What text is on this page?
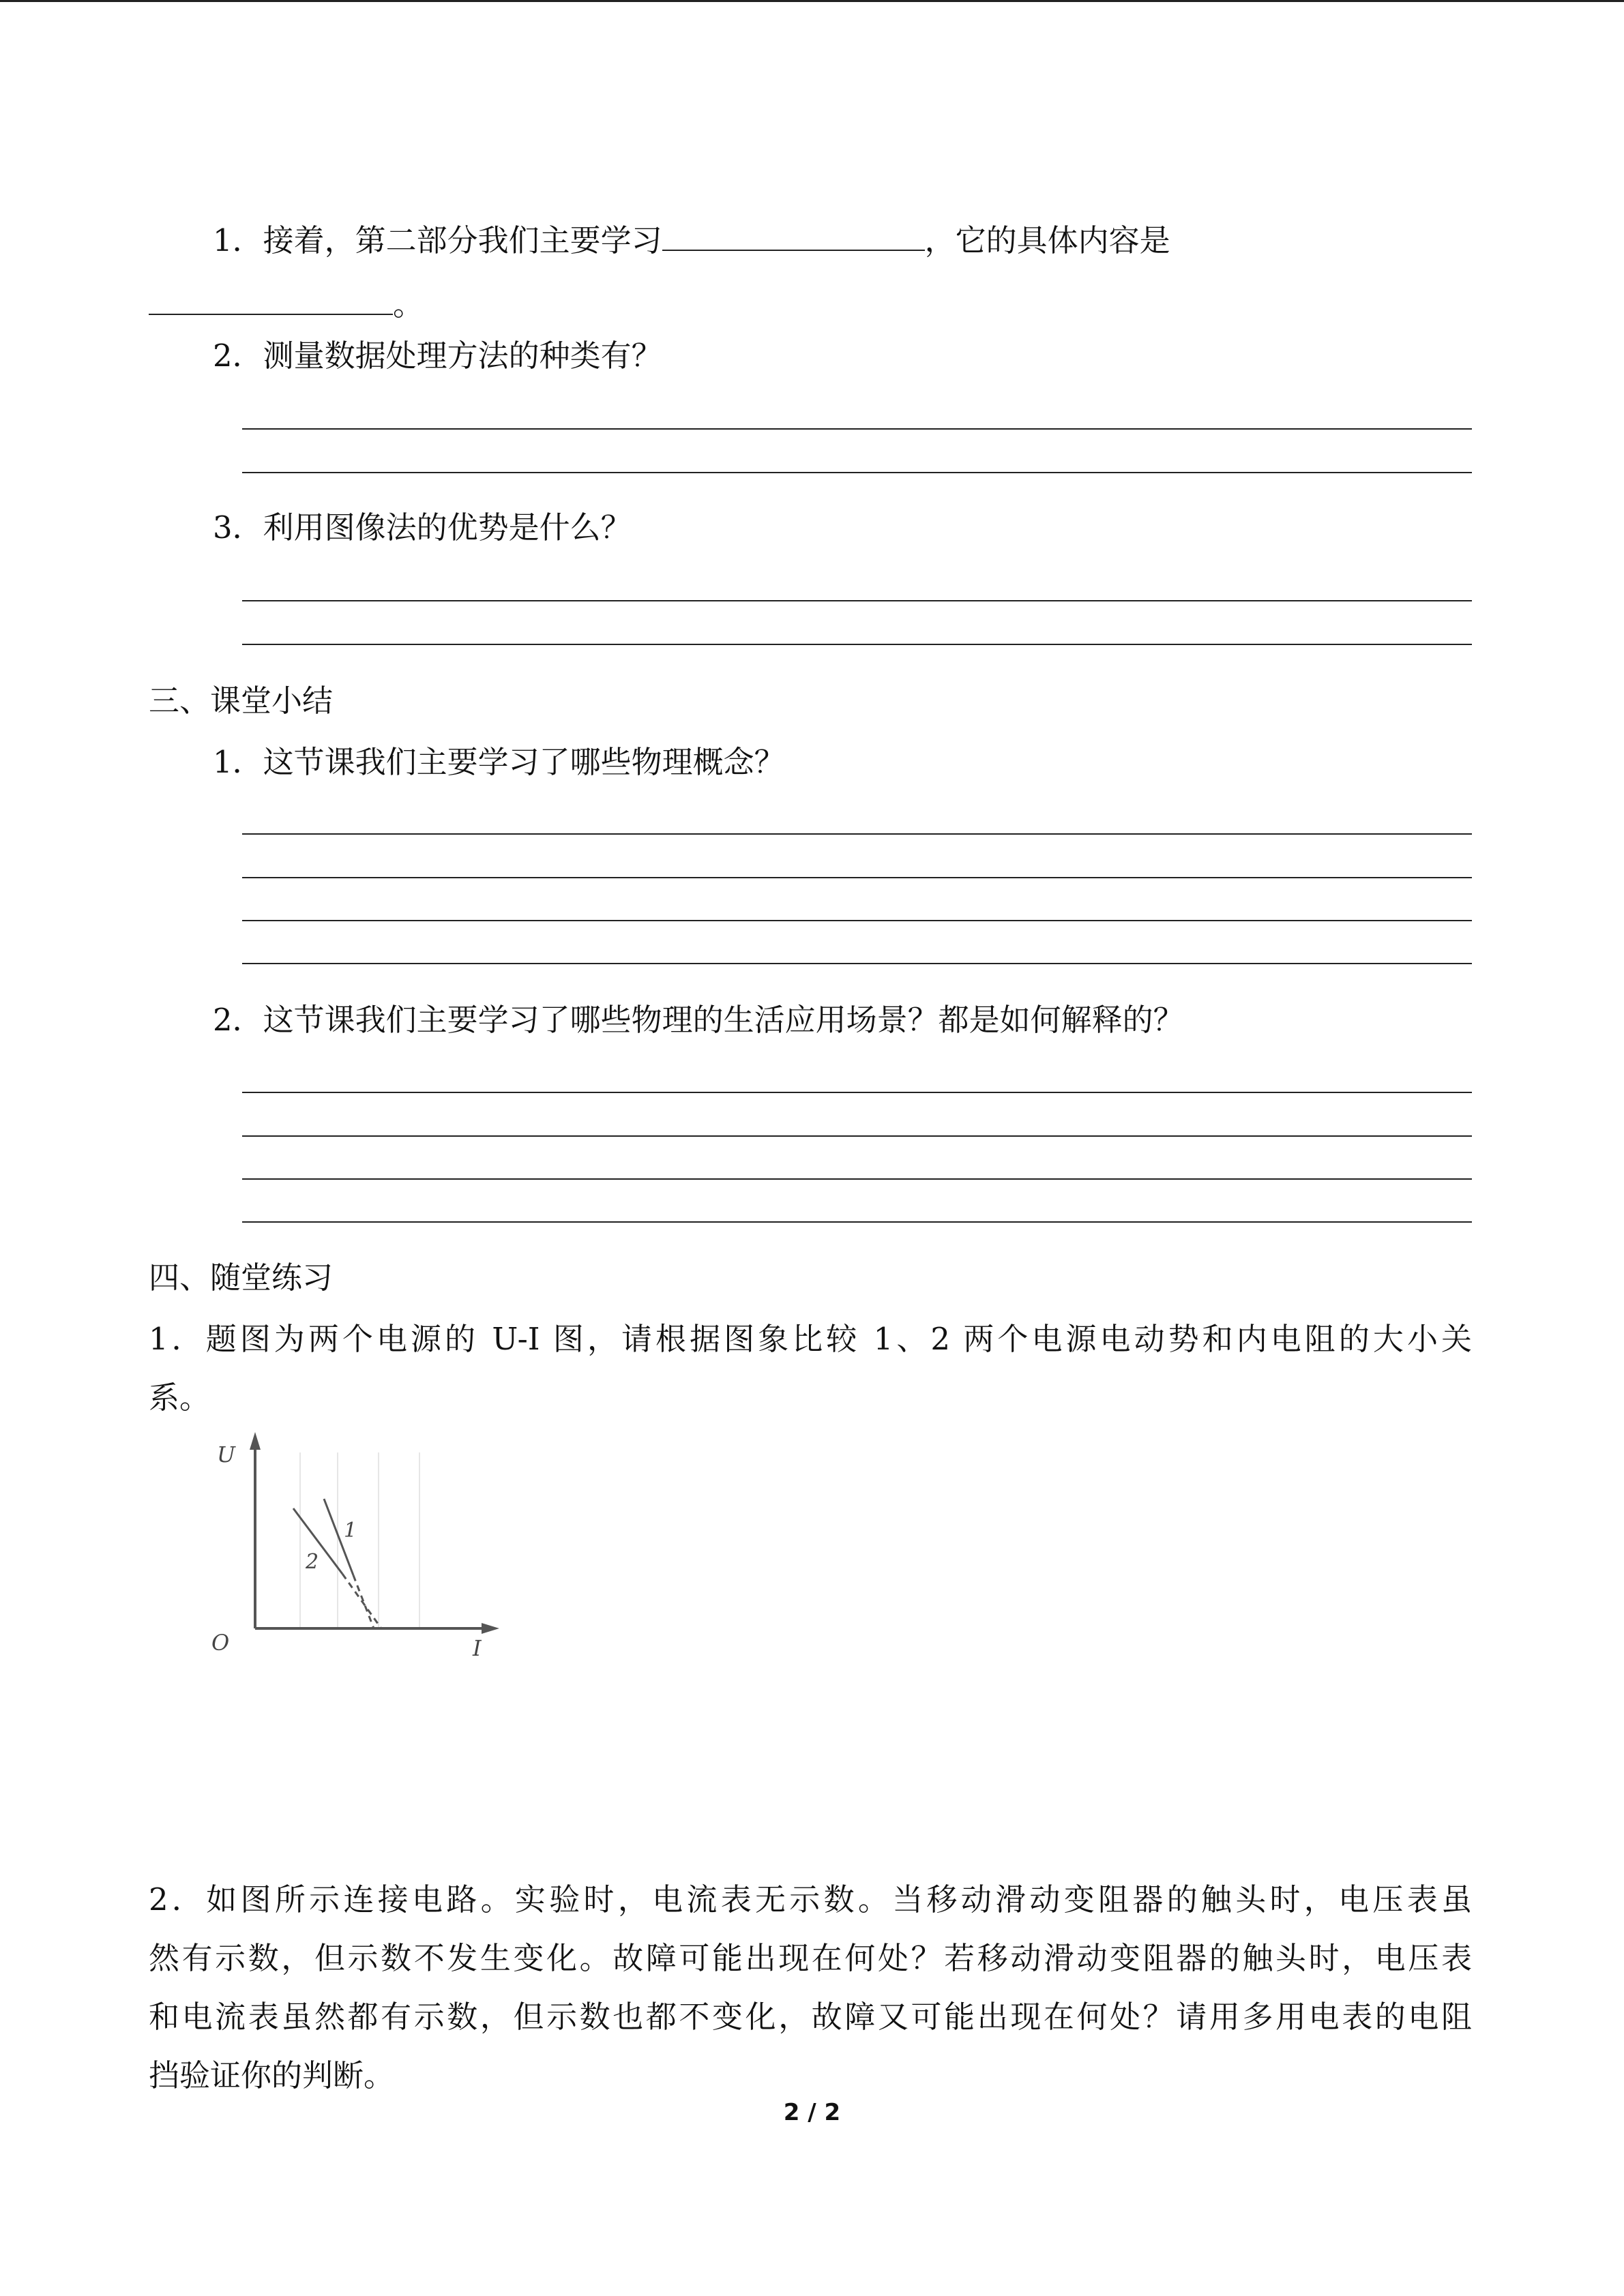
1．接着，第二部分我们主要学习	，它的具体内容是
。
2．测量数据处理方法的种类有？
3．利用图像法的优势是什么？
三、课堂小结
1．这节课我们主要学习了哪些物理概念？
2．这节课我们主要学习了哪些物理的生活应用场景？都是如何解释的？
四、随堂练习
1．题图为两个电源的 U-I 图，请根据图象比较 1、2 两个电源电动势和内电阻的大小关
系。
U
I
O
1
2
2．如图所示连接电路。实验时，电流表无示数。当移动滑动变阻器的触头时，电压表虽
然有示数，但示数不发生变化。故障可能出现在何处？若移动滑动变阻器的触头时，电压表
和电流表虽然都有示数，但示数也都不变化，故障又可能出现在何处？请用多用电表的电阻
挡验证你的判断。
2 / 2
